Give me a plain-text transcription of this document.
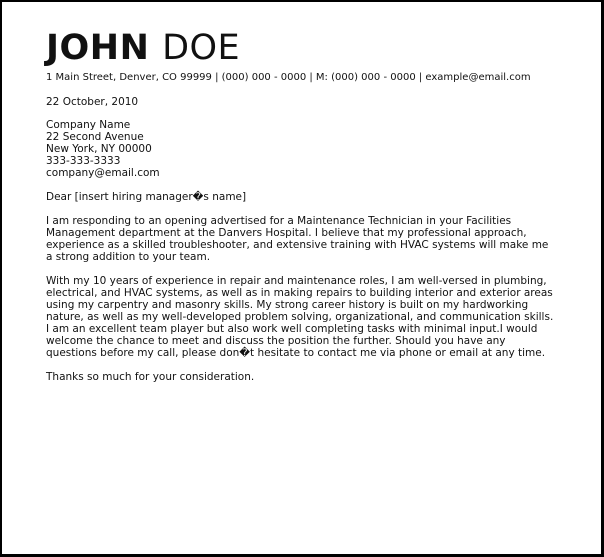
JOHN DOE
1 Main Street, Denver, CO 99999 | (000) 000 - 0000 | M: (000) 000 - 0000 | example@email.com
22 October, 2010
Company Name
22 Second Avenue
New York, NY 00000
333-333-3333
company@email.com
Dear [insert hiring manager�s name]
I am responding to an opening advertised for a Maintenance Technician in your Facilities Management department at the Danvers Hospital. I believe that my professional approach, experience as a skilled troubleshooter, and extensive training with HVAC systems will make me a strong addition to your team.
With my 10 years of experience in repair and maintenance roles, I am well-versed in plumbing, electrical, and HVAC systems, as well as in making repairs to building interior and exterior areas using my carpentry and masonry skills. My strong career history is built on my hardworking nature, as well as my well-developed problem solving, organizational, and communication skills. I am an excellent team player but also work well completing tasks with minimal input.I would welcome the chance to meet and discuss the position the further. Should you have any questions before my call, please don�t hesitate to contact me via phone or email at any time.
Thanks so much for your consideration.
